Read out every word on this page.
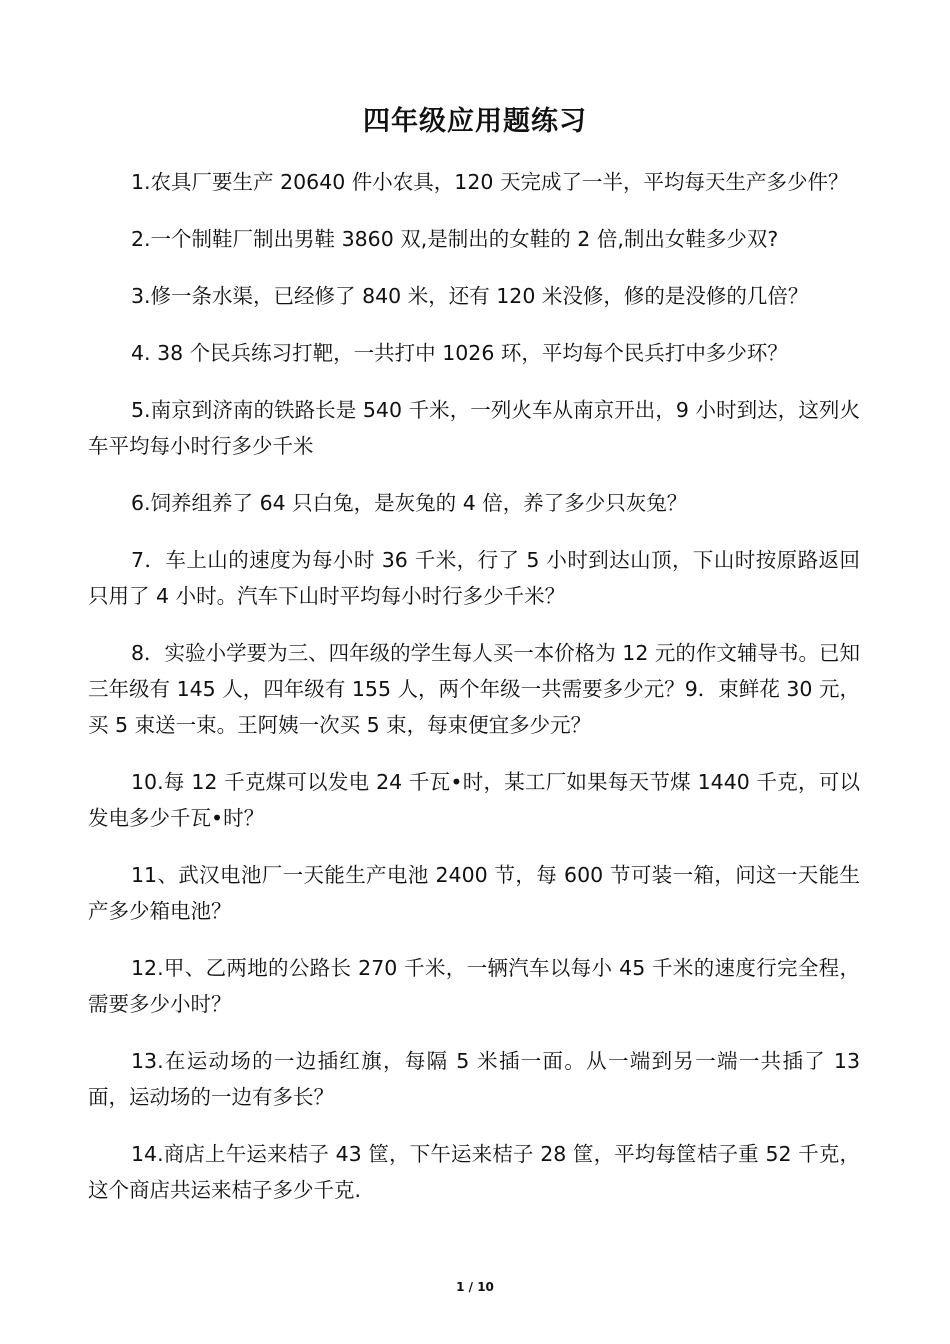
四年级应用题练习

1.农具厂要生产 20640 件小农具，120 天完成了一半，平均每天生产多少件？

2.一个制鞋厂制出男鞋 3860 双,是制出的女鞋的 2 倍,制出女鞋多少双?

3.修一条水渠，已经修了 840 米，还有 120 米没修，修的是没修的几倍？

4. 38 个民兵练习打靶，一共打中 1026 环，平均每个民兵打中多少环？

5.南京到济南的铁路长是 540 千米，一列火车从南京开出，9 小时到达，这列火车平均每小时行多少千米

6.饲养组养了 64 只白兔，是灰兔的 4 倍，养了多少只灰兔？

7．车上山的速度为每小时 36 千米，行了 5 小时到达山顶，下山时按原路返回只用了 4 小时。汽车下山时平均每小时行多少千米？

8．实验小学要为三、四年级的学生每人买一本价格为 12 元的作文辅导书。已知三年级有 145 人，四年级有 155 人，两个年级一共需要多少元？9．束鲜花 30 元，买 5 束送一束。王阿姨一次买 5 束，每束便宜多少元？

10.每 12 千克煤可以发电 24 千瓦•时，某工厂如果每天节煤 1440 千克，可以发电多少千瓦•时？

11、武汉电池厂一天能生产电池 2400 节，每 600 节可装一箱，问这一天能生产多少箱电池？

12.甲、乙两地的公路长 270 千米，一辆汽车以每小 45 千米的速度行完全程，需要多少小时？

13.在运动场的一边插红旗，每隔 5 米插一面。从一端到另一端一共插了 13 面，运动场的一边有多长？

14.商店上午运来桔子 43 筐，下午运来桔子 28 筐，平均每筐桔子重 52 千克，这个商店共运来桔子多少千克.

1 / 10
